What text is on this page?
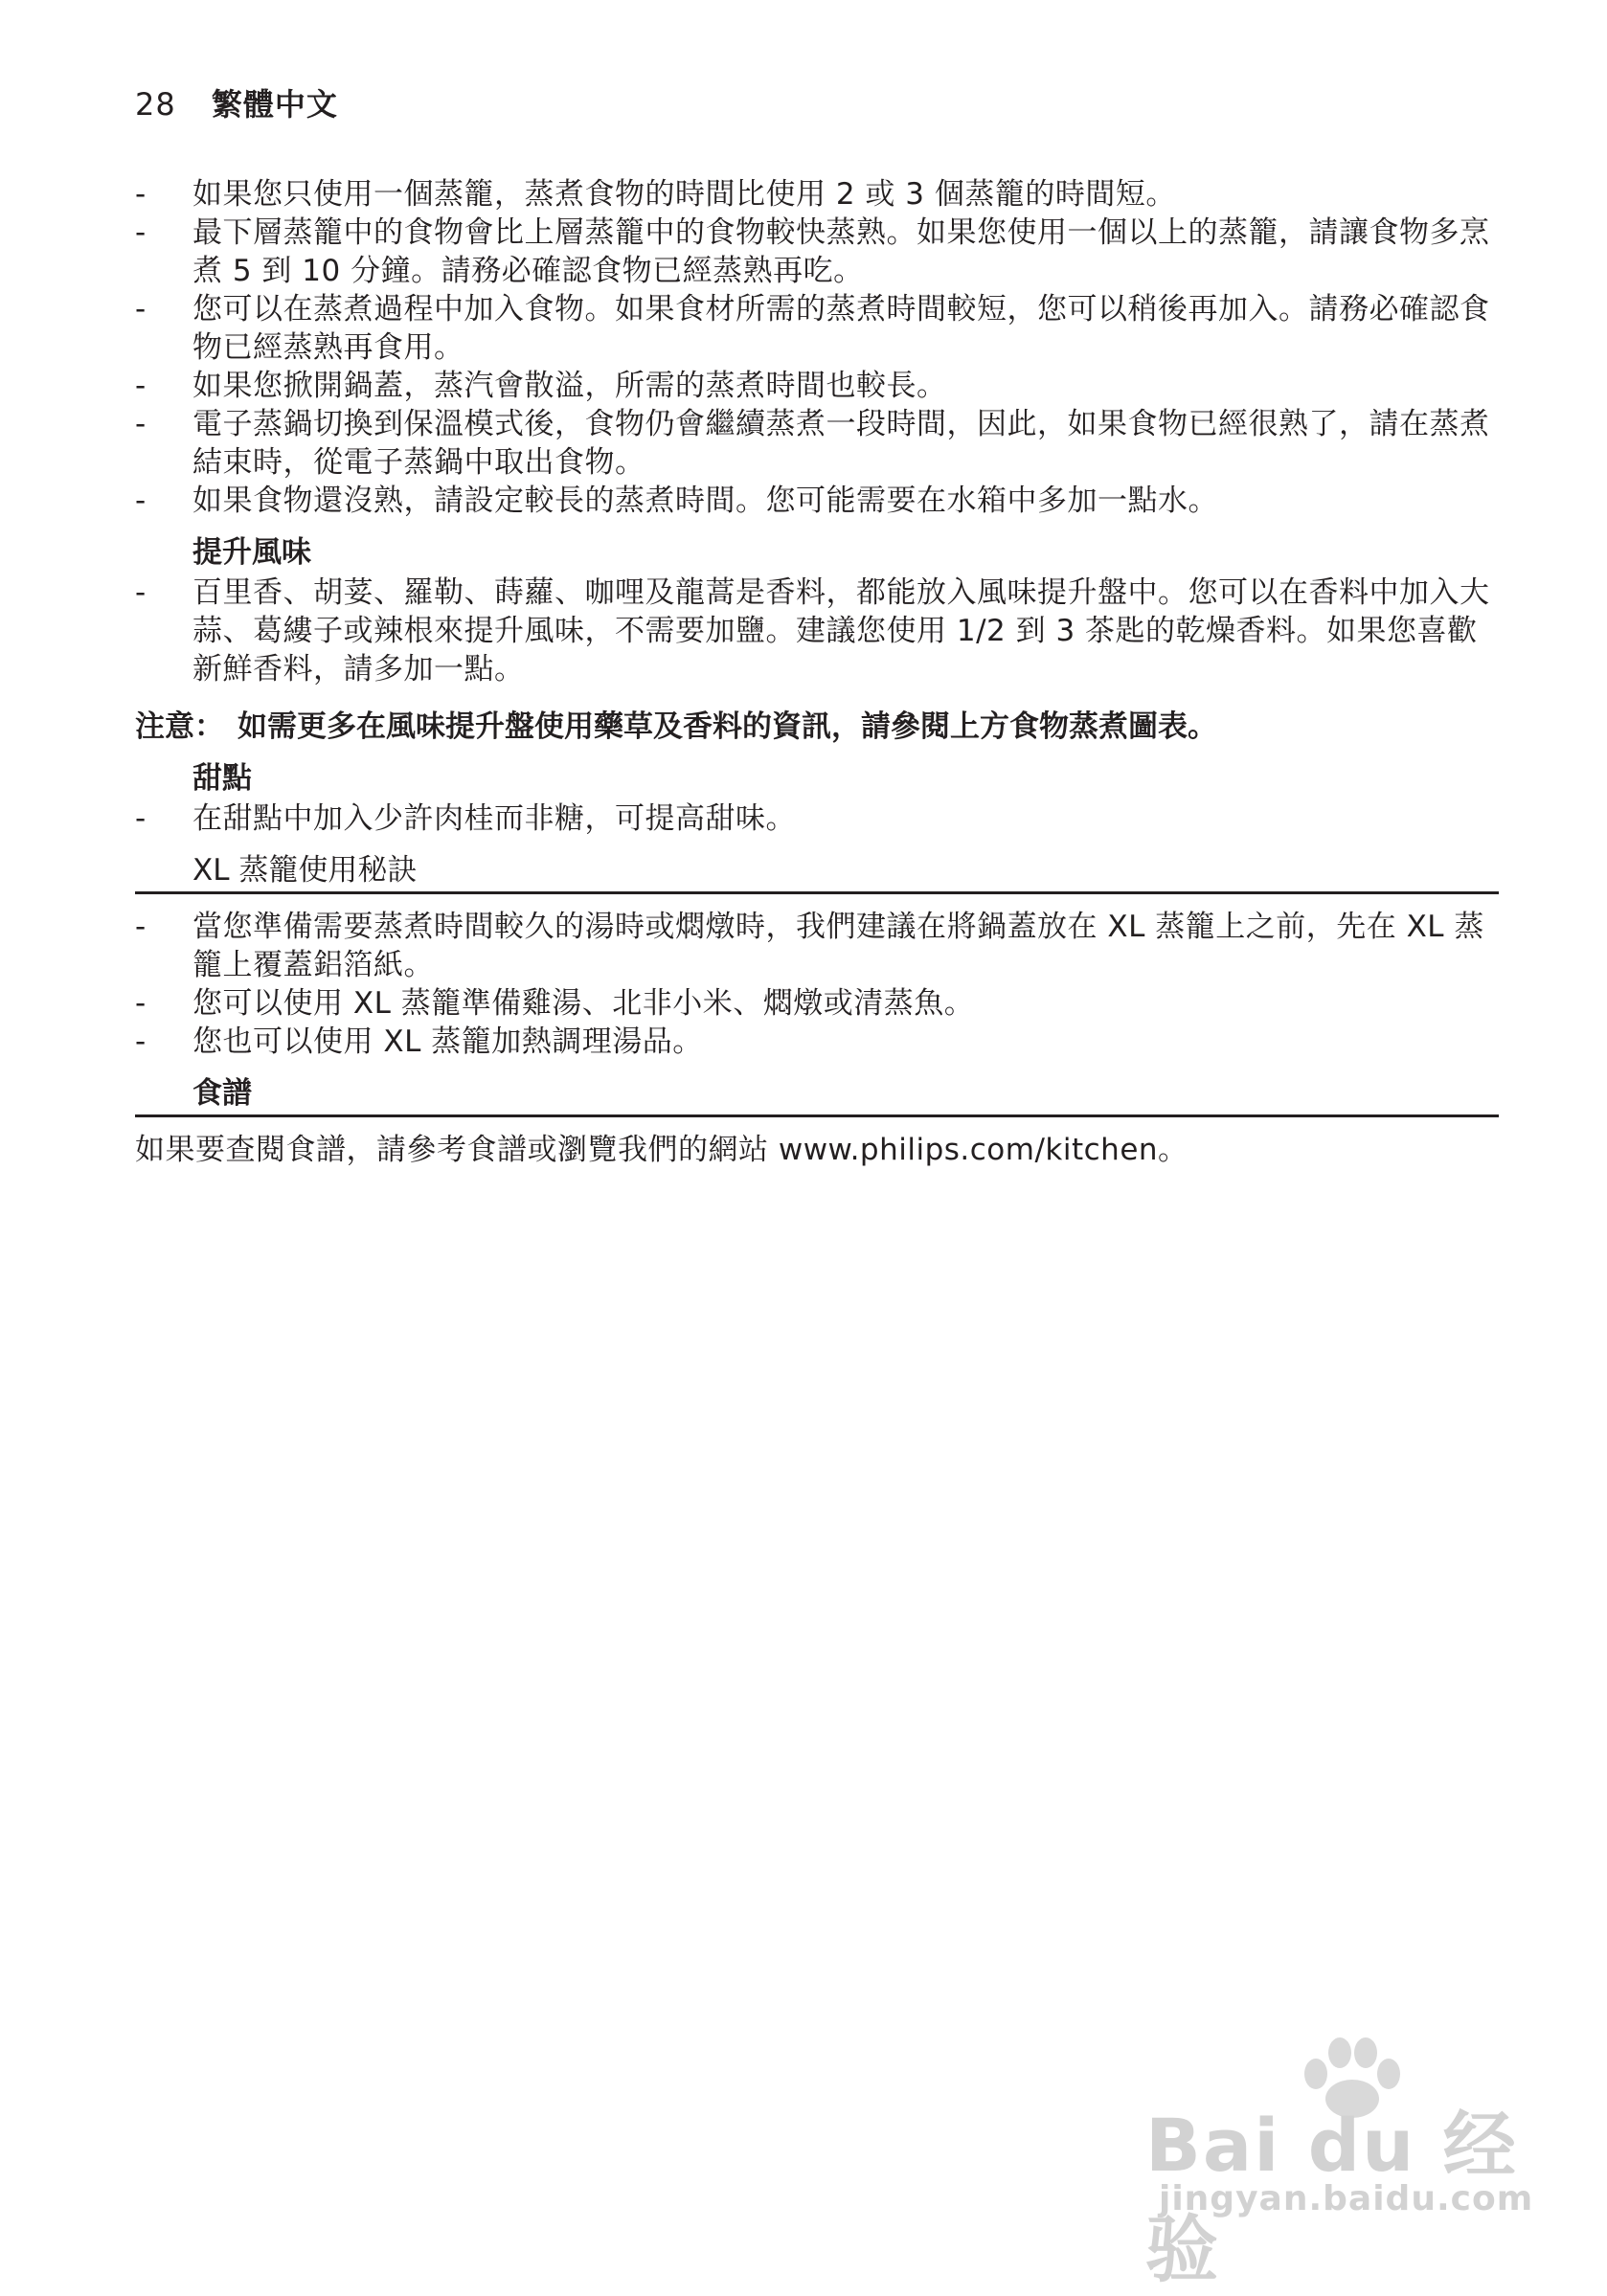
28 繁體中文
-	如果您只使用一個蒸籠，蒸煮食物的時間比使用 2 或 3 個蒸籠的時間短。
-	最下層蒸籠中的食物會比上層蒸籠中的食物較快蒸熟。如果您使用一個以上的蒸籠，請讓食物多烹煮 5 到 10 分鐘。請務必確認食物已經蒸熟再吃。
-	您可以在蒸煮過程中加入食物。如果食材所需的蒸煮時間較短，您可以稍後再加入。請務必確認食物已經蒸熟再食用。
-	如果您掀開鍋蓋，蒸汽會散溢，所需的蒸煮時間也較長。
-	電子蒸鍋切換到保溫模式後，食物仍會繼續蒸煮一段時間，因此，如果食物已經很熟了，請在蒸煮結束時，從電子蒸鍋中取出食物。
-	如果食物還沒熟，請設定較長的蒸煮時間。您可能需要在水箱中多加一點水。
提升風味
-	百里香、胡荽、羅勒、蒔蘿、咖哩及龍蒿是香料，都能放入風味提升盤中。您可以在香料中加入大蒜、葛縷子或辣根來提升風味，不需要加鹽。建議您使用 1/2 到 3 茶匙的乾燥香料。如果您喜歡新鮮香料，請多加一點。
注意： 如需更多在風味提升盤使用藥草及香料的資訊，請參閱上方食物蒸煮圖表。
甜點
-	在甜點中加入少許肉桂而非糖，可提高甜味。
XL 蒸籠使用秘訣
-	當您準備需要蒸煮時間較久的湯時或燜燉時，我們建議在將鍋蓋放在 XL 蒸籠上之前，先在 XL 蒸籠上覆蓋鋁箔紙。
-	您可以使用 XL 蒸籠準備雞湯、北非小米、燜燉或清蒸魚。
-	您也可以使用 XL 蒸籠加熱調理湯品。
食譜
如果要查閱食譜，請參考食譜或瀏覽我們的網站 www.philips.com/kitchen。
Bai du 经验
jingyan.baidu.com
